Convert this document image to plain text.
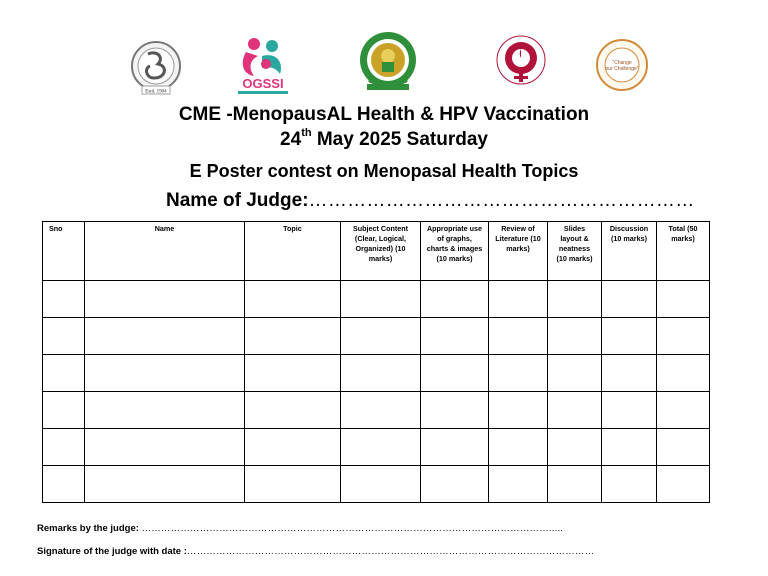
Estd. 1904
OGSSI
"Change
our Challenge"
CME -MenopausAL Health & HPV Vaccination
24th May 2025 Saturday
E Poster contest on Menopasal Health Topics
Name of Judge:……………………………………………………
Sno	Name	Topic	Subject Content (Clear, Logical, Organized) (10 marks)	Appropriate use of graphs, charts & images (10 marks)	Review of Literature (10 marks)	Slides layout & neatness (10 marks)	Discussion (10 marks)	Total (50 marks)

Remarks by the judge: ……………………………………………………………………………………………………………….....
Signature of the judge with date :………………………………………………………………………………………………………………
